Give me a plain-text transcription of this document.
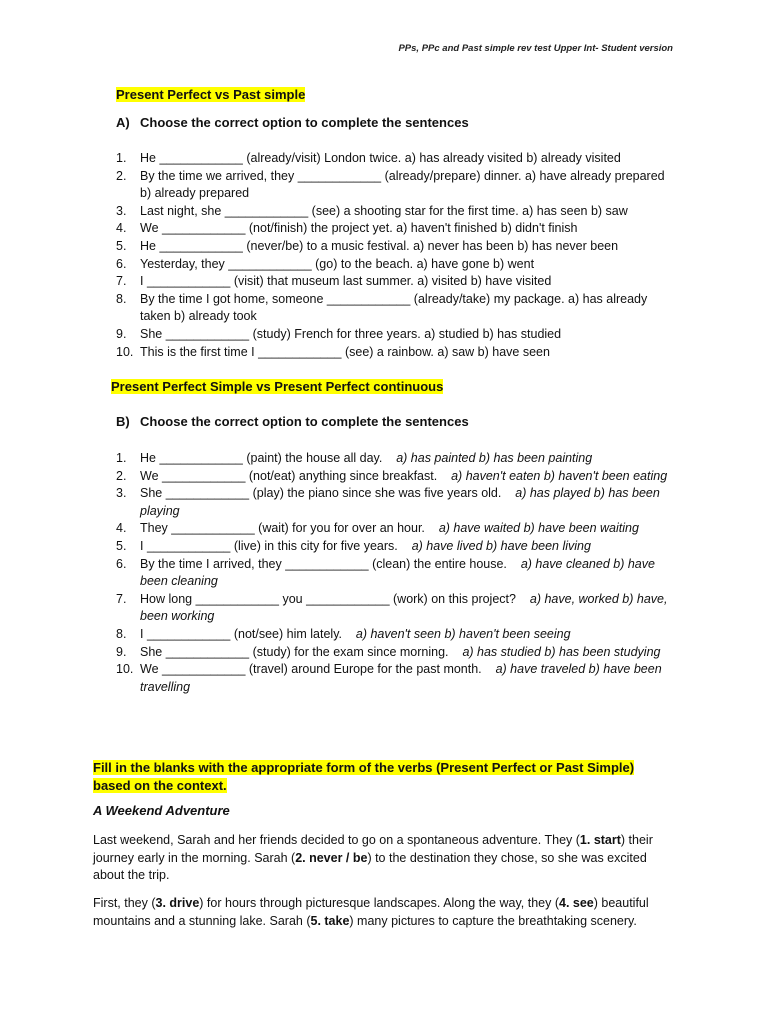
PPs, PPc and Past simple rev test Upper Int- Student version
Present Perfect vs Past simple
A) Choose the correct option to complete the sentences
1.	He ____________ (already/visit) London twice. a) has already visited b) already visited
2.	By the time we arrived, they ____________ (already/prepare) dinner. a) have already prepared b) already prepared
3.	Last night, she ____________ (see) a shooting star for the first time. a) has seen b) saw
4.	We ____________ (not/finish) the project yet. a) haven't finished b) didn't finish
5.	He ____________ (never/be) to a music festival. a) never has been b) has never been
6.	Yesterday, they ____________ (go) to the beach. a) have gone b) went
7.	I ____________ (visit) that museum last summer. a) visited b) have visited
8.	By the time I got home, someone ____________ (already/take) my package. a) has already taken b) already took
9.	She ____________ (study) French for three years. a) studied b) has studied
10. This is the first time I ____________ (see) a rainbow. a) saw b) have seen
Present Perfect Simple vs Present Perfect continuous
B) Choose the correct option to complete the sentences
1.	He ____________ (paint) the house all day. a) has painted b) has been painting
2.	We ____________ (not/eat) anything since breakfast. a) haven't eaten b) haven't been eating
3.	She ____________ (play) the piano since she was five years old. a) has played b) has been playing
4.	They ____________ (wait) for you for over an hour. a) have waited b) have been waiting
5.	I ____________ (live) in this city for five years. a) have lived b) have been living
6.	By the time I arrived, they ____________ (clean) the entire house. a) have cleaned b) have been cleaning
7.	How long ____________ you ____________ (work) on this project? a) have, worked b) have, been working
8.	I ____________ (not/see) him lately. a) haven't seen b) haven't been seeing
9.	She ____________ (study) for the exam since morning. a) has studied b) has been studying
10. We ____________ (travel) around Europe for the past month. a) have traveled b) have been travelling
Fill in the blanks with the appropriate form of the verbs (Present Perfect or Past Simple) based on the context.
A Weekend Adventure

Last weekend, Sarah and her friends decided to go on a spontaneous adventure. They (1. start) their journey early in the morning. Sarah (2. never / be) to the destination they chose, so she was excited about the trip.

First, they (3. drive) for hours through picturesque landscapes. Along the way, they (4. see) beautiful mountains and a stunning lake. Sarah (5. take) many pictures to capture the breathtaking scenery.
